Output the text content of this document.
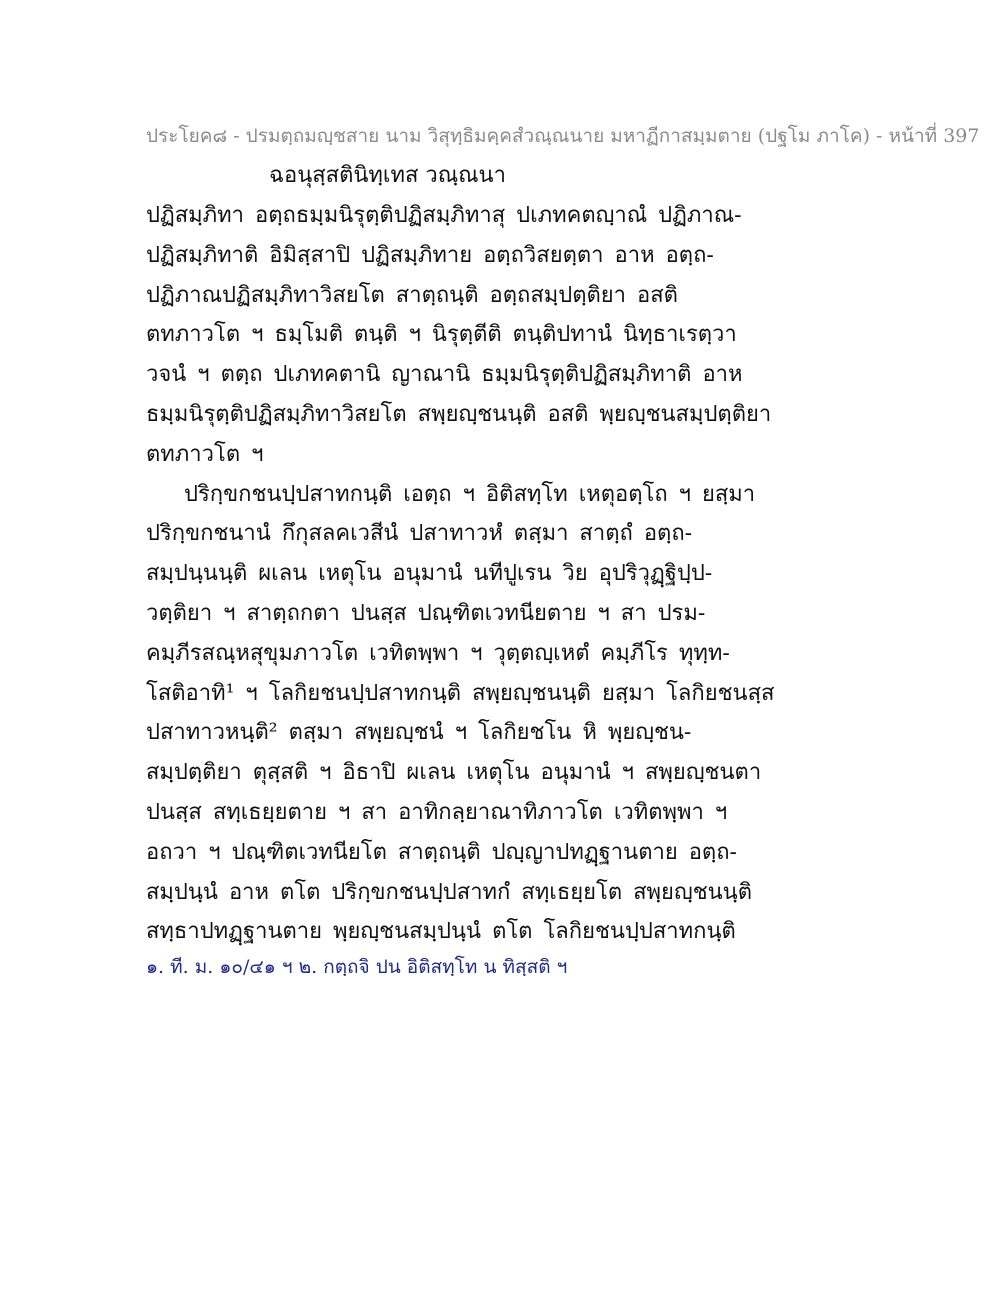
ประโยค๘ - ปรมตฺถมญฺชสาย นาม วิสุทฺธิมคฺคสํวณฺณนาย มหาฏีกาสมฺมตาย (ปฐโม ภาโค) - หน้าที่ 397
ฉอนุสฺสตินิทฺเทส วณฺณนา
ปฏิสมฺภิทา อตฺถธมฺมนิรุตฺติปฏิสมฺภิทาสุ ปเภทคตญฺาณํ ปฏิภาณ-
ปฏิสมฺภิทาติ อิมิสฺสาปิ ปฏิสมฺภิทาย อตฺถวิสยตฺตา อาห อตฺถ-
ปฏิภาณปฏิสมฺภิทาวิสยโต สาตฺถนฺติ อตฺถสมฺปตฺติยา อสติ
ตทภาวโต ฯ ธมฺโมติ ตนฺติ ฯ นิรุตฺตีติ ตนฺติปทานํ นิทฺธาเรตฺวา
วจนํ ฯ ตตฺถ ปเภทคตานิ ญาณานิ ธมฺมนิรุตฺติปฏิสมฺภิทาติ อาห
ธมฺมนิรุตฺติปฏิสมฺภิทาวิสยโต สพฺยญฺชนนฺติ อสติ พฺยญฺชนสมฺปตฺติยา
ตทภาวโต ฯ
ปริกฺขกชนปฺปสาทกนฺติ เอตฺถ ฯ อิติสทฺโท เหตุอตฺโถ ฯ ยสฺมา
ปริกฺขกชนานํ กึกุสลคเวสีนํ ปสาทาวหํ ตสฺมา สาตฺถํ อตฺถ-
สมฺปนฺนนฺติ ผเลน เหตุโน อนุมานํ นทีปูเรน วิย อุปริวุฏฺฐิปฺป-
วตฺติยา ฯ สาตฺถกตา ปนสฺส ปณฺฑิตเวทนียตาย ฯ สา ปรม-
คมฺภีรสณฺหสุขุมภาวโต เวทิตพฺพา ฯ วุตฺตญฺเหตํ คมฺภีโร ทุทฺท-
โสติอาทิ¹ ฯ โลกิยชนปฺปสาทกนฺติ สพฺยญฺชนนฺติ ยสฺมา โลกิยชนสฺส
ปสาทาวหนฺติ² ตสฺมา สพฺยญฺชนํ ฯ โลกิยชโน หิ พฺยญฺชน-
สมฺปตฺติยา ตุสฺสติ ฯ อิธาปิ ผเลน เหตุโน อนุมานํ ฯ สพฺยญฺชนตา
ปนสฺส สทฺเธยฺยตาย ฯ สา อาทิกลฺยาณาทิภาวโต เวทิตพฺพา ฯ
อถวา ฯ ปณฺฑิตเวทนียโต สาตฺถนฺติ ปญฺญาปทฏฺฐานตาย อตฺถ-
สมฺปนฺนํ อาห ตโต ปริกฺขกชนปฺปสาทกํ สทฺเธยฺยโต สพฺยญฺชนนฺติ
สทฺธาปทฏฺฐานตาย พฺยญฺชนสมฺปนฺนํ ตโต โลกิยชนปฺปสาทกนฺติ
๑. ที. ม. ๑๐/๔๑ ฯ ๒. กตฺถจิ ปน อิติสทฺโท น ทิสฺสติ ฯ
